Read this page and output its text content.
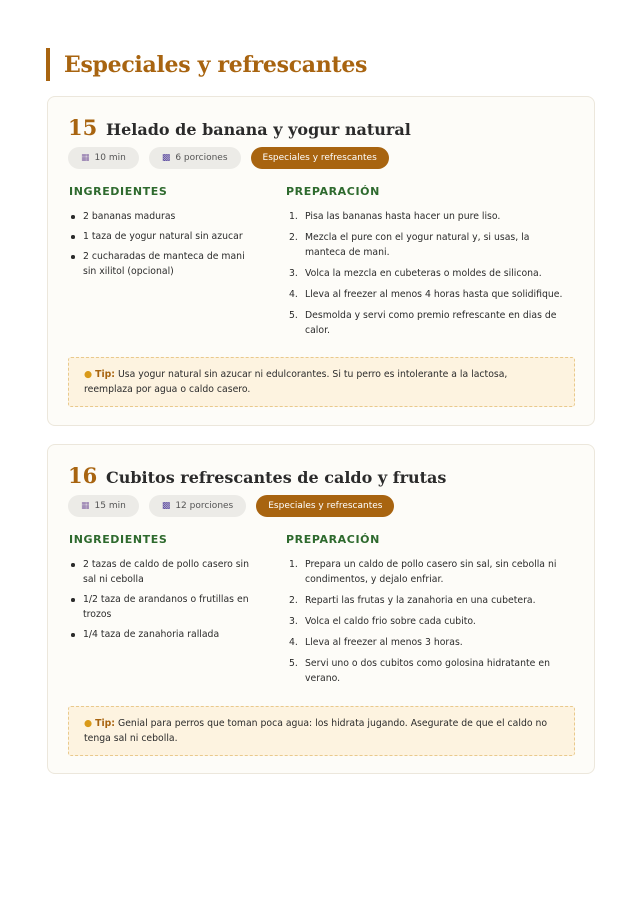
Especiales y refrescantes
15 Helado de banana y yogur natural
▦ 10 min	▩ 6 porciones	Especiales y refrescantes
INGREDIENTES
2 bananas maduras
1 taza de yogur natural sin azucar
2 cucharadas de manteca de mani sin xilitol (opcional)
PREPARACIÓN
1. Pisa las bananas hasta hacer un pure liso.
2. Mezcla el pure con el yogur natural y, si usas, la manteca de mani.
3. Volca la mezcla en cubeteras o moldes de silicona.
4. Lleva al freezer al menos 4 horas hasta que solidifique.
5. Desmolda y servi como premio refrescante en dias de calor.
● Tip: Usa yogur natural sin azucar ni edulcorantes. Si tu perro es intolerante a la lactosa, reemplaza por agua o caldo casero.
16 Cubitos refrescantes de caldo y frutas
▦ 15 min	▩ 12 porciones	Especiales y refrescantes
INGREDIENTES
2 tazas de caldo de pollo casero sin sal ni cebolla
1/2 taza de arandanos o frutillas en trozos
1/4 taza de zanahoria rallada
PREPARACIÓN
1. Prepara un caldo de pollo casero sin sal, sin cebolla ni condimentos, y dejalo enfriar.
2. Reparti las frutas y la zanahoria en una cubetera.
3. Volca el caldo frio sobre cada cubito.
4. Lleva al freezer al menos 3 horas.
5. Servi uno o dos cubitos como golosina hidratante en verano.
● Tip: Genial para perros que toman poca agua: los hidrata jugando. Asegurate de que el caldo no tenga sal ni cebolla.
